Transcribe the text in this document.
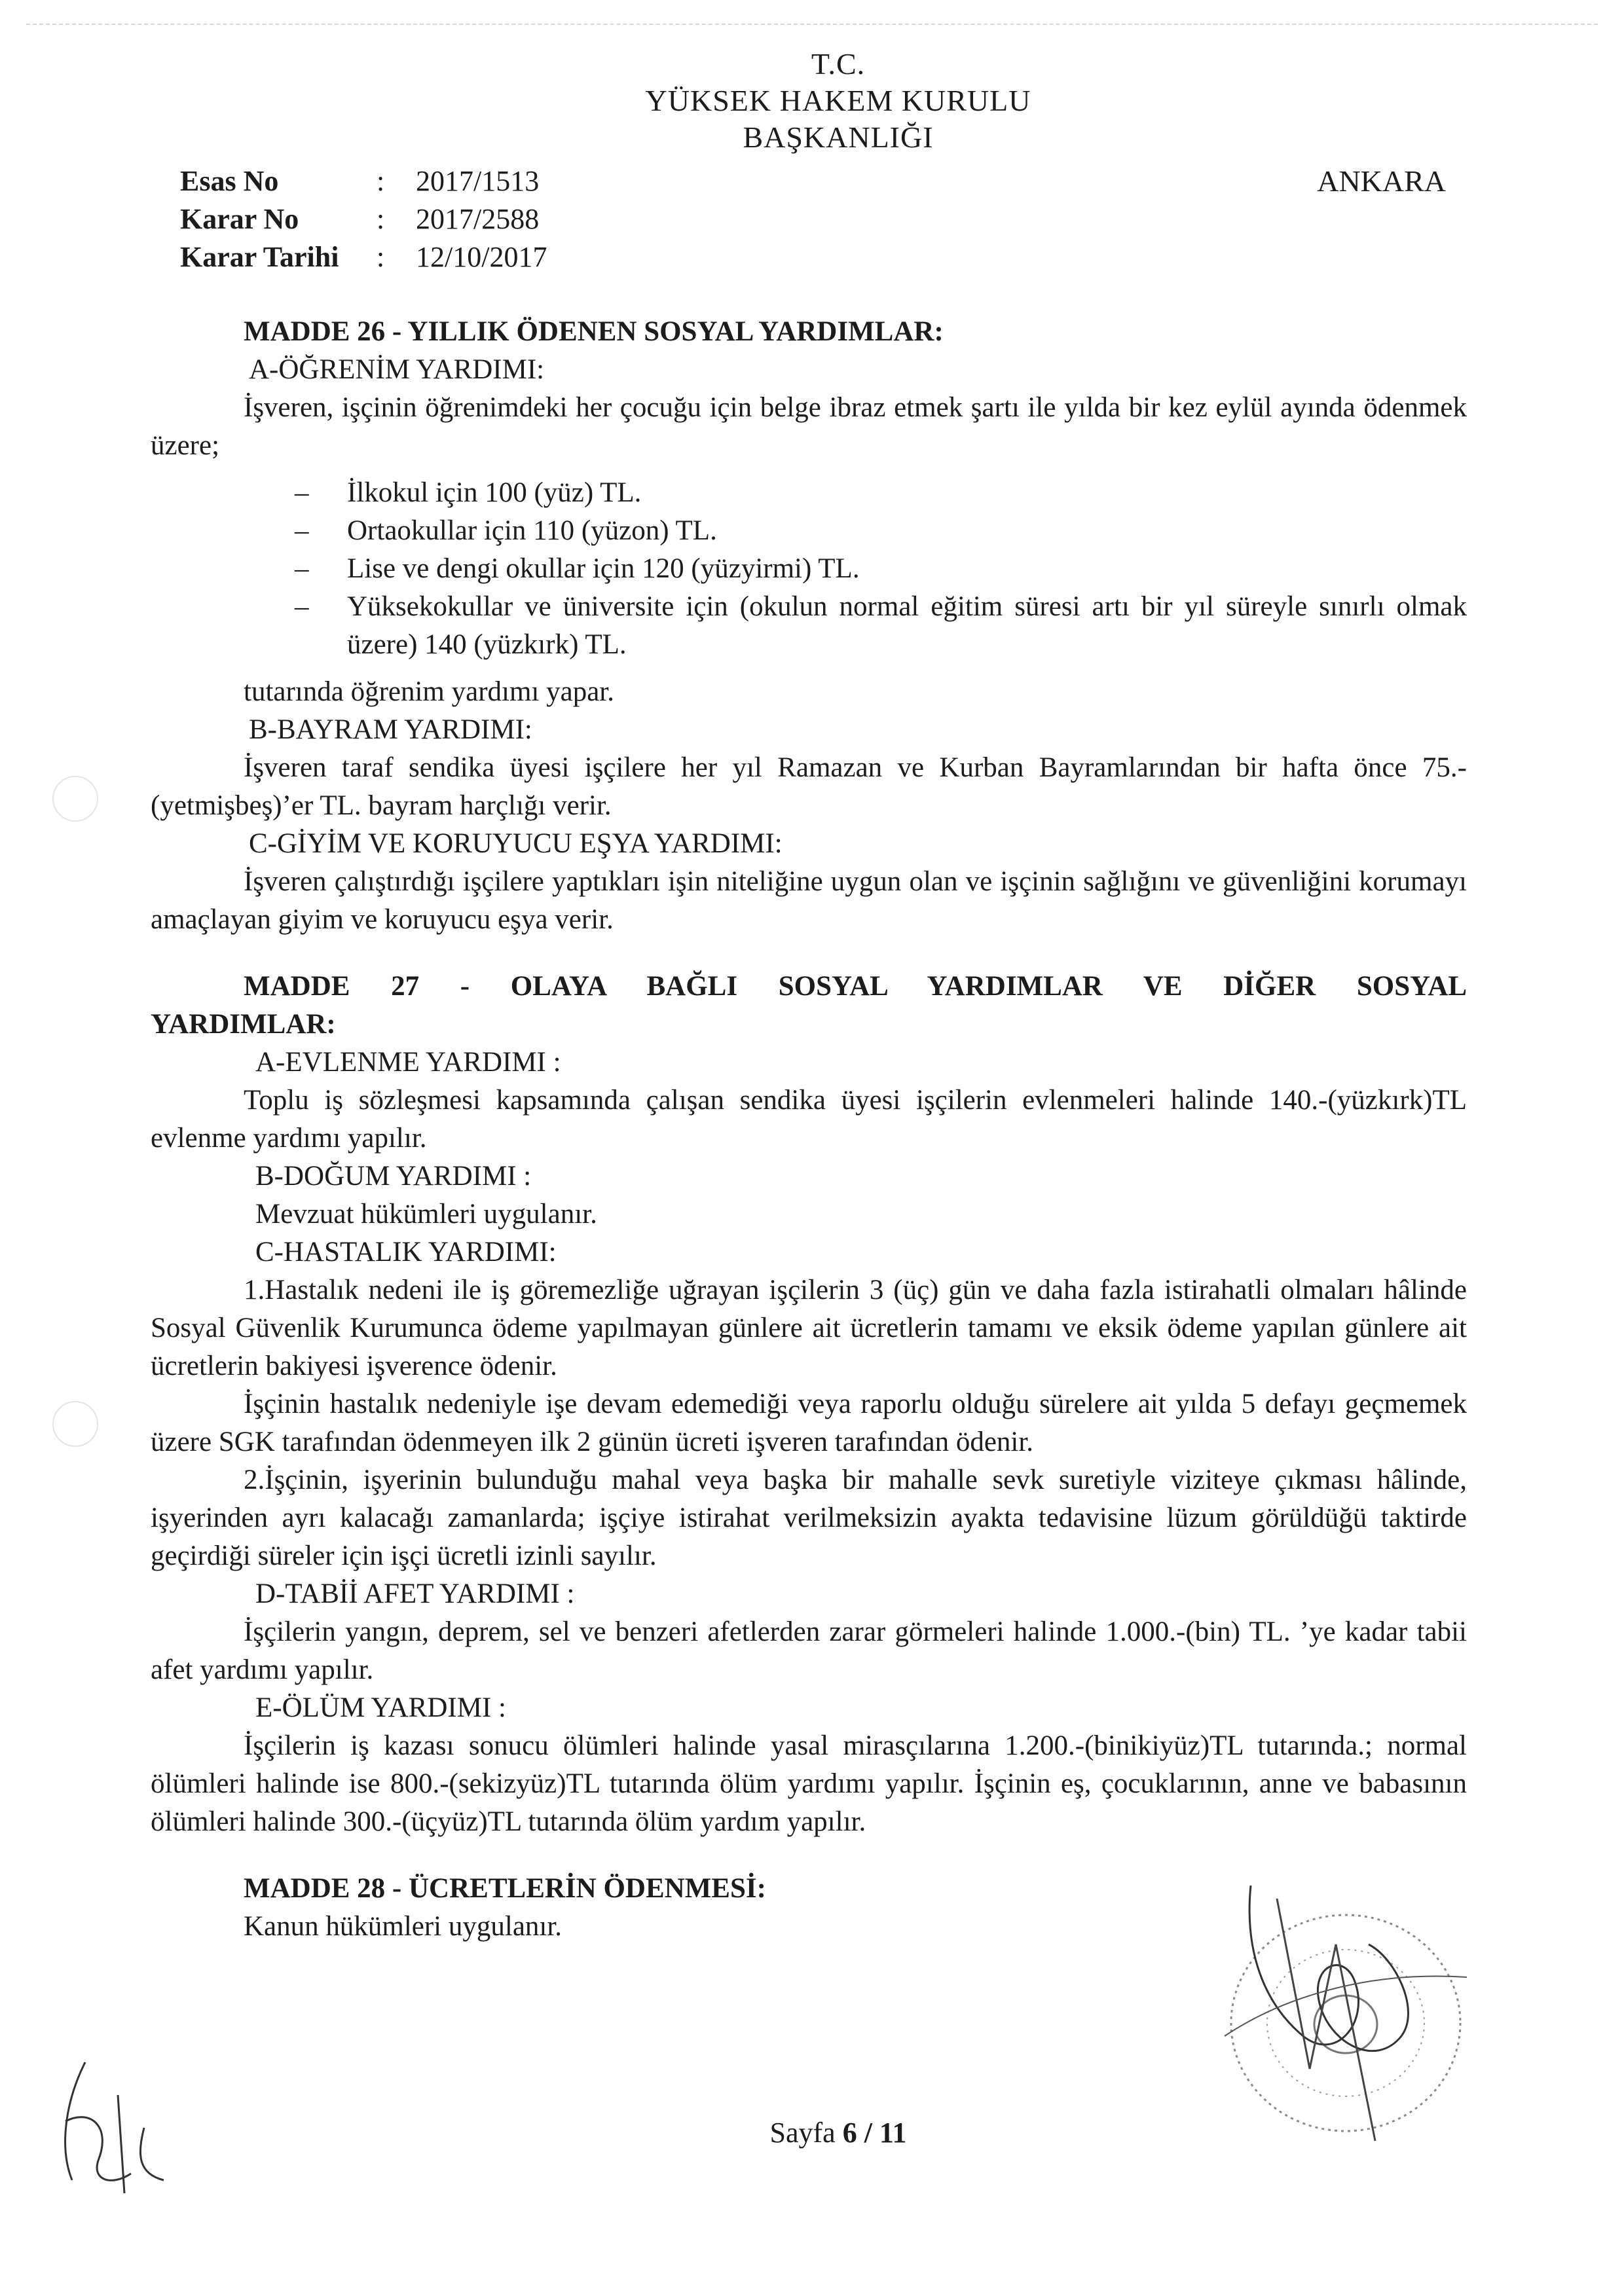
T.C.
YÜKSEK HAKEM KURULU
BAŞKANLIĞI
Esas No	:	2017/1513
Karar No	:	2017/2588
Karar Tarihi	:	12/10/2017
ANKARA
MADDE 26 - YILLIK ÖDENEN SOSYAL YARDIMLAR:
A-ÖĞRENİM YARDIMI:
İşveren, işçinin öğrenimdeki her çocuğu için belge ibraz etmek şartı ile yılda bir kez eylül ayında ödenmek üzere;
– İlkokul için 100 (yüz) TL.
– Ortaokullar için 110 (yüzon) TL.
– Lise ve dengi okullar için 120 (yüzyirmi) TL.
– Yüksekokullar ve üniversite için (okulun normal eğitim süresi artı bir yıl süreyle sınırlı olmak üzere) 140 (yüzkırk) TL.
tutarında öğrenim yardımı yapar.
B-BAYRAM YARDIMI:
İşveren taraf sendika üyesi işçilere her yıl Ramazan ve Kurban Bayramlarından bir hafta önce 75.-(yetmişbeş)’er TL. bayram harçlığı verir.
C-GİYİM VE KORUYUCU EŞYA YARDIMI:
İşveren çalıştırdığı işçilere yaptıkları işin niteliğine uygun olan ve işçinin sağlığını ve güvenliğini korumayı amaçlayan giyim ve koruyucu eşya verir.
MADDE 27 - OLAYA BAĞLI SOSYAL YARDIMLAR VE DİĞER SOSYAL YARDIMLAR:
A-EVLENME YARDIMI :
Toplu iş sözleşmesi kapsamında çalışan sendika üyesi işçilerin evlenmeleri halinde 140.-(yüzkırk)TL evlenme yardımı yapılır.
B-DOĞUM YARDIMI :
Mevzuat hükümleri uygulanır.
C-HASTALIK YARDIMI:
1.Hastalık nedeni ile iş göremezliğe uğrayan işçilerin 3 (üç) gün ve daha fazla istirahatli olmaları hâlinde Sosyal Güvenlik Kurumunca ödeme yapılmayan günlere ait ücretlerin tamamı ve eksik ödeme yapılan günlere ait ücretlerin bakiyesi işverence ödenir.
İşçinin hastalık nedeniyle işe devam edemediği veya raporlu olduğu sürelere ait yılda 5 defayı geçmemek üzere SGK tarafından ödenmeyen ilk 2 günün ücreti işveren tarafından ödenir.
2.İşçinin, işyerinin bulunduğu mahal veya başka bir mahalle sevk suretiyle viziteye çıkması hâlinde, işyerinden ayrı kalacağı zamanlarda; işçiye istirahat verilmeksizin ayakta tedavisine lüzum görüldüğü taktirde geçirdiği süreler için işçi ücretli izinli sayılır.
D-TABİİ AFET YARDIMI :
İşçilerin yangın, deprem, sel ve benzeri afetlerden zarar görmeleri halinde 1.000.-(bin) TL. ’ye kadar tabii afet yardımı yapılır.
E-ÖLÜM YARDIMI :
İşçilerin iş kazası sonucu ölümleri halinde yasal mirasçılarına 1.200.-(binikiyüz)TL tutarında.; normal ölümleri halinde ise 800.-(sekizyüz)TL tutarında ölüm yardımı yapılır. İşçinin eş, çocuklarının, anne ve babasının ölümleri halinde 300.-(üçyüz)TL tutarında ölüm yardım yapılır.
MADDE 28 - ÜCRETLERİN ÖDENMESİ:
Kanun hükümleri uygulanır.
Sayfa 6 / 11
